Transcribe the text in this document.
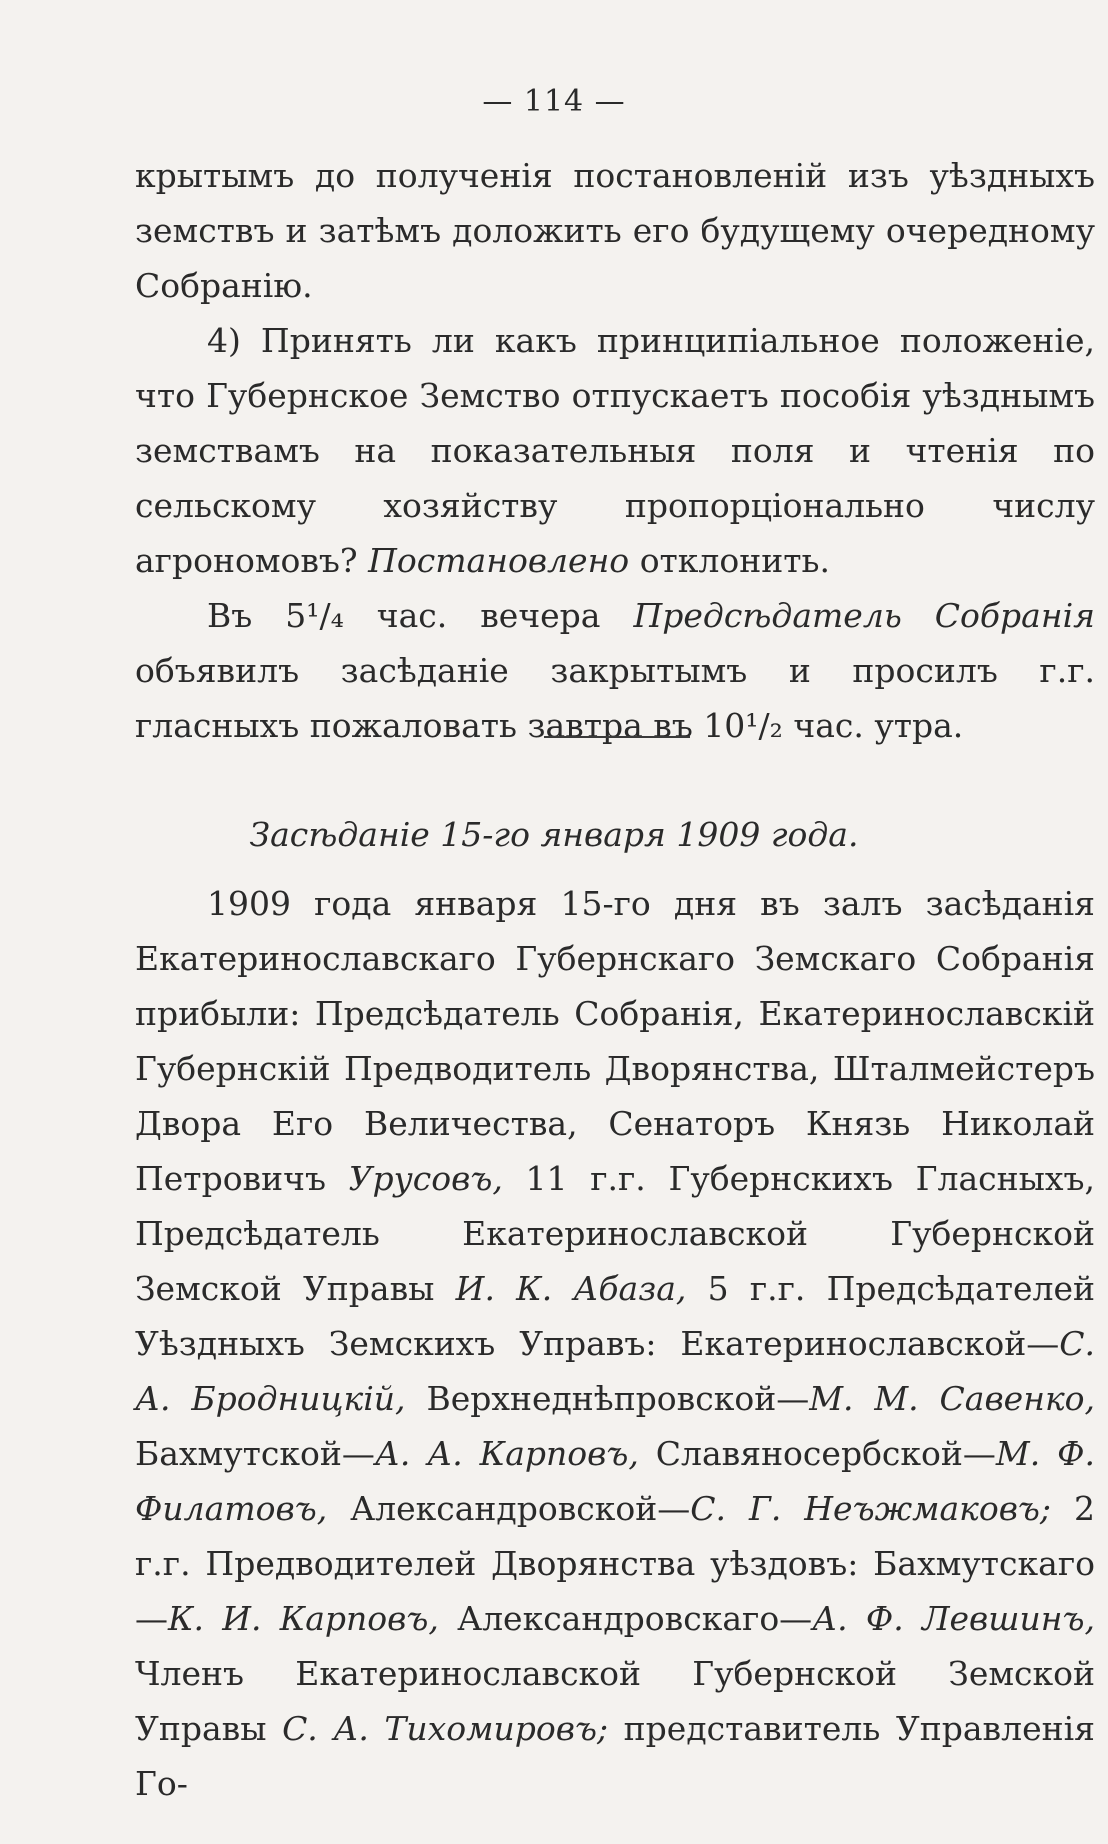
— 114 —

крытымъ до полученія постановленій изъ уѣздныхъ земствъ и затѣмъ доложить его будущему очередному Собранію.

4) Принять ли какъ принципіальное положеніе, что Губернское Земство отпускаетъ пособія уѣзднымъ земствамъ на показательныя поля и чтенія по сельскому хозяйству пропорціонально числу агрономовъ? Постановлено отклонить.

Въ 5¹/₄ час. вечера Предсѣдатель Собранія объявилъ засѣданіе закрытымъ и просилъ г.г. гласныхъ пожаловать завтра въ 10¹/₂ час. утра.

Засѣданіе 15-го января 1909 года.

1909 года января 15-го дня въ залъ засѣданія Екатеринославскаго Губернскаго Земскаго Собранія прибыли: Предсѣдатель Собранія, Екатеринославскій Губернскій Предводитель Дворянства, Шталмейстеръ Двора Его Величества, Сенаторъ Князь Николай Петровичъ Урусовъ, 11 г.г. Губернскихъ Гласныхъ, Предсѣдатель Екатеринославской Губернской Земской Управы И. К. Абаза, 5 г.г. Предсѣдателей Уѣздныхъ Земскихъ Управъ: Екатеринославской—С. А. Бродницкій, Верхнеднѣпровской—М. М. Савенко, Бахмутской—А. А. Карповъ, Славяносербской—М. Ф. Филатовъ, Александровской—С. Г. Неъжмаковъ; 2 г.г. Предводителей Дворянства уѣздовъ: Бахмутскаго—К. И. Карповъ, Александровскаго—А. Ф. Левшинъ, Членъ Екатеринославской Губернской Земской Управы С. А. Тихомировъ; представитель Управленія Го-
